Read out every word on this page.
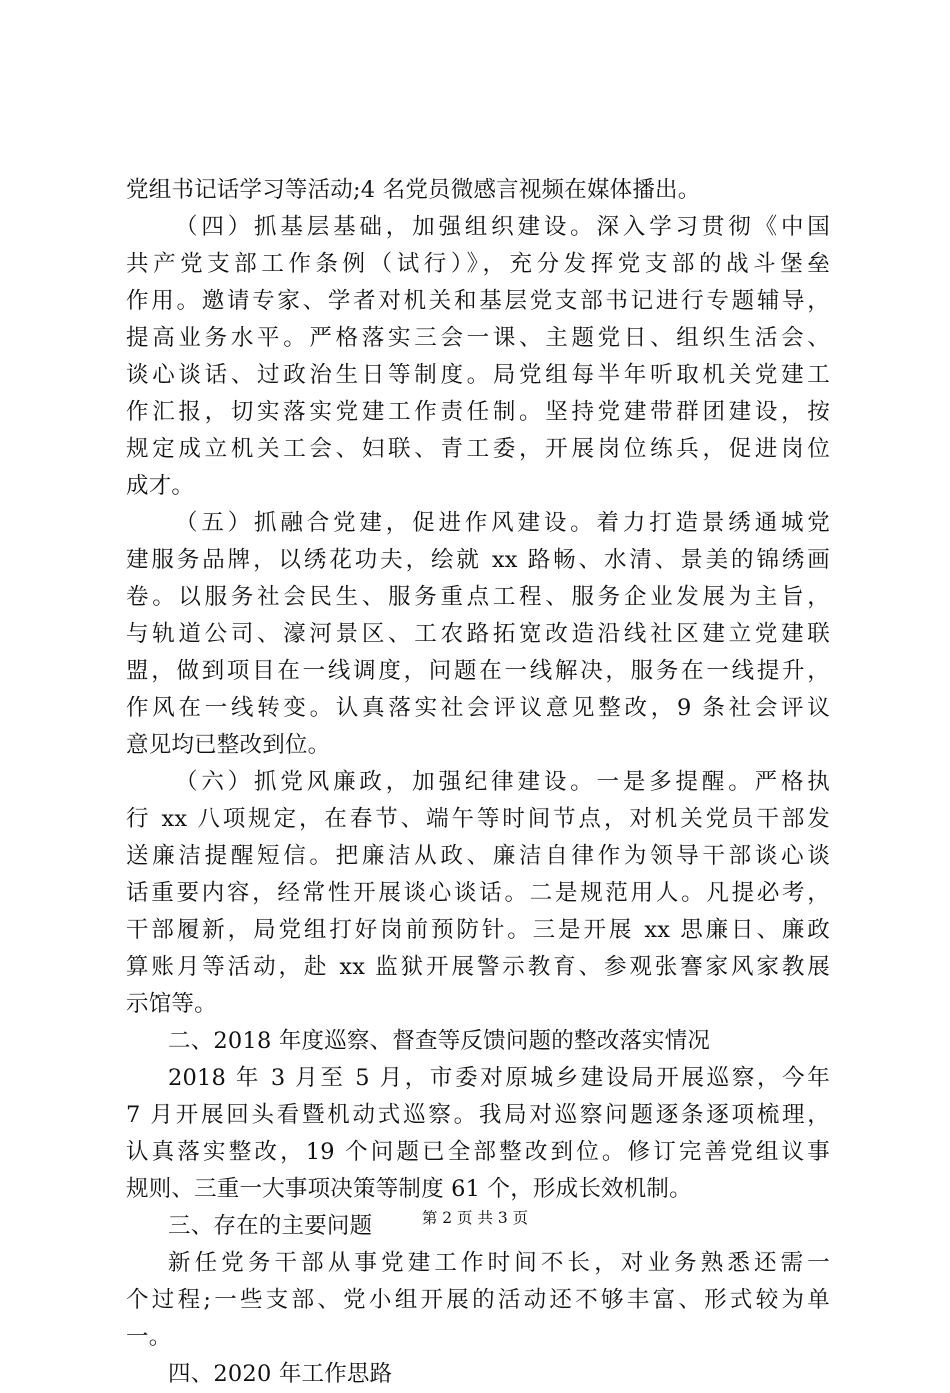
党组书记话学习等活动;4 名党员微感言视频在媒体播出。
（四）抓基层基础，加强组织建设。深入学习贯彻《中国
共产党支部工作条例（试行）》，充分发挥党支部的战斗堡垒
作用。邀请专家、学者对机关和基层党支部书记进行专题辅导，
提高业务水平。严格落实三会一课、主题党日、组织生活会、
谈心谈话、过政治生日等制度。局党组每半年听取机关党建工
作汇报，切实落实党建工作责任制。坚持党建带群团建设，按
规定成立机关工会、妇联、青工委，开展岗位练兵，促进岗位
成才。
（五）抓融合党建，促进作风建设。着力打造景绣通城党
建服务品牌，以绣花功夫，绘就 xx 路畅、水清、景美的锦绣画
卷。以服务社会民生、服务重点工程、服务企业发展为主旨，
与轨道公司、濠河景区、工农路拓宽改造沿线社区建立党建联
盟，做到项目在一线调度，问题在一线解决，服务在一线提升，
作风在一线转变。认真落实社会评议意见整改，9 条社会评议
意见均已整改到位。
（六）抓党风廉政，加强纪律建设。一是多提醒。严格执
行 xx 八项规定，在春节、端午等时间节点，对机关党员干部发
送廉洁提醒短信。把廉洁从政、廉洁自律作为领导干部谈心谈
话重要内容，经常性开展谈心谈话。二是规范用人。凡提必考，
干部履新，局党组打好岗前预防针。三是开展 xx 思廉日、廉政
算账月等活动，赴 xx 监狱开展警示教育、参观张謇家风家教展
示馆等。
二、2018 年度巡察、督查等反馈问题的整改落实情况
2018 年 3 月至 5 月，市委对原城乡建设局开展巡察，今年
7 月开展回头看暨机动式巡察。我局对巡察问题逐条逐项梳理，
认真落实整改，19 个问题已全部整改到位。修订完善党组议事
规则、三重一大事项决策等制度 61 个，形成长效机制。
三、存在的主要问题
新任党务干部从事党建工作时间不长，对业务熟悉还需一
个过程;一些支部、党小组开展的活动还不够丰富、形式较为单
一。
四、2020 年工作思路
第 2 页 共 3 页
